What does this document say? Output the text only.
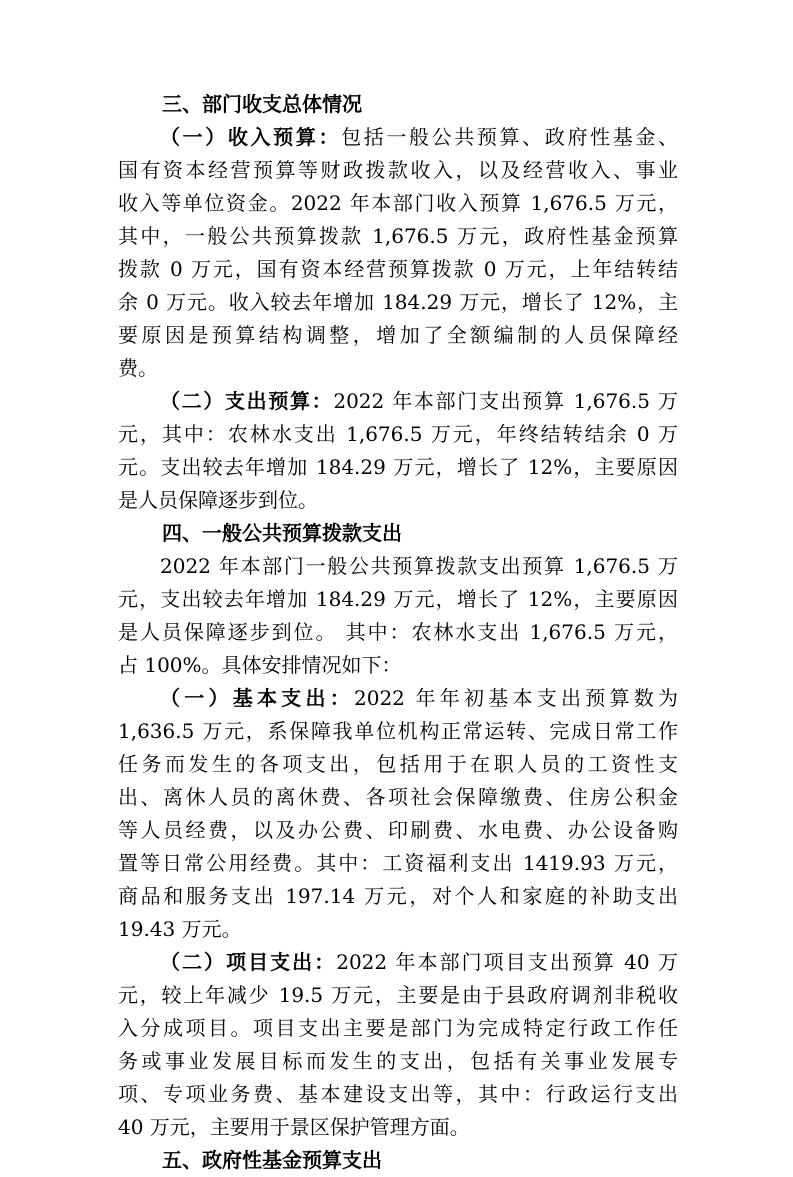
三、部门收支总体情况
（一）收入预算：包括一般公共预算、政府性基金、
国有资本经营预算等财政拨款收入，以及经营收入、事业
收入等单位资金。2022 年本部门收入预算 1,676.5 万元，
其中，一般公共预算拨款 1,676.5 万元，政府性基金预算
拨款 0 万元，国有资本经营预算拨款 0 万元，上年结转结
余 0 万元。收入较去年增加 184.29 万元，增长了 12%，主
要原因是预算结构调整，增加了全额编制的人员保障经
费。
（二）支出预算：2022 年本部门支出预算 1,676.5 万
元，其中：农林水支出 1,676.5 万元，年终结转结余 0 万
元。支出较去年增加 184.29 万元，增长了 12%，主要原因
是人员保障逐步到位。
四、一般公共预算拨款支出
2022 年本部门一般公共预算拨款支出预算 1,676.5 万
元，支出较去年增加 184.29 万元，增长了 12%，主要原因
是人员保障逐步到位。 其中：农林水支出 1,676.5 万元，
占 100%。具体安排情况如下：
（一）基本支出：2022 年年初基本支出预算数为
1,636.5 万元，系保障我单位机构正常运转、完成日常工作
任务而发生的各项支出，包括用于在职人员的工资性支
出、离休人员的离休费、各项社会保障缴费、住房公积金
等人员经费，以及办公费、印刷费、水电费、办公设备购
置等日常公用经费。其中：工资福利支出 1419.93 万元，
商品和服务支出 197.14 万元，对个人和家庭的补助支出
19.43 万元。
（二）项目支出：2022 年本部门项目支出预算 40 万
元，较上年减少 19.5 万元，主要是由于县政府调剂非税收
入分成项目。项目支出主要是部门为完成特定行政工作任
务或事业发展目标而发生的支出，包括有关事业发展专
项、专项业务费、基本建设支出等，其中：行政运行支出
40 万元，主要用于景区保护管理方面。
五、政府性基金预算支出
